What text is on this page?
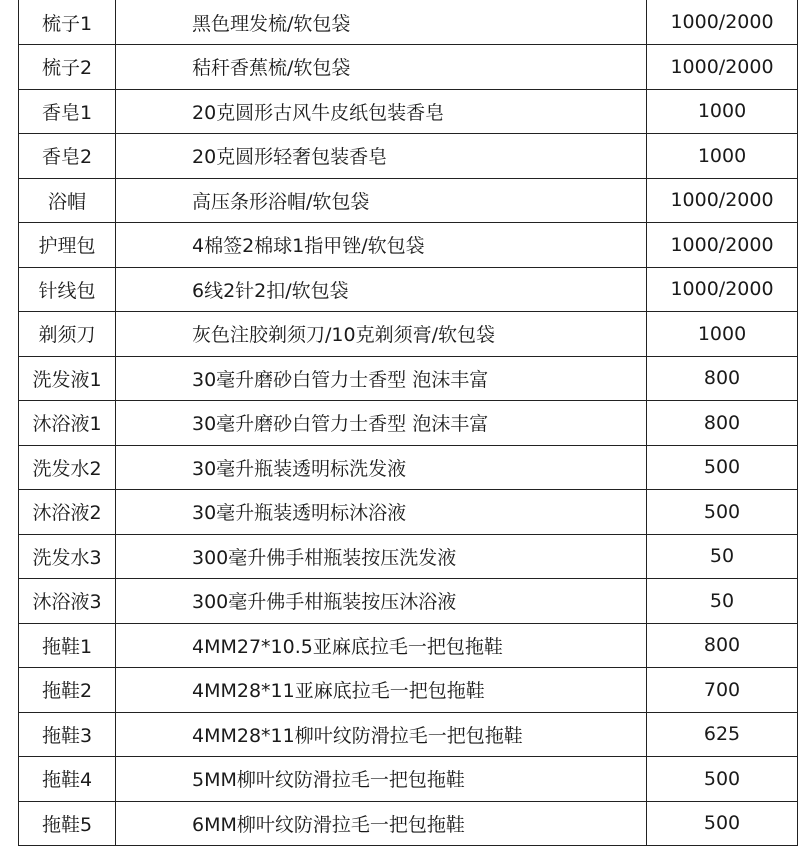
梳子1	黑色理发梳/软包袋	1000/2000
梳子2	秸秆香蕉梳/软包袋	1000/2000
香皂1	20克圆形古风牛皮纸包装香皂	1000
香皂2	20克圆形轻奢包装香皂	1000
浴帽	高压条形浴帽/软包袋	1000/2000
护理包	4棉签2棉球1指甲锉/软包袋	1000/2000
针线包	6线2针2扣/软包袋	1000/2000
剃须刀	灰色注胶剃须刀/10克剃须膏/软包袋	1000
洗发液1	30毫升磨砂白管力士香型 泡沫丰富	800
沐浴液1	30毫升磨砂白管力士香型 泡沫丰富	800
洗发水2	30毫升瓶装透明标洗发液	500
沐浴液2	30毫升瓶装透明标沐浴液	500
洗发水3	300毫升佛手柑瓶装按压洗发液	50
沐浴液3	300毫升佛手柑瓶装按压沐浴液	50
拖鞋1	4MM27*10.5亚麻底拉毛一把包拖鞋	800
拖鞋2	4MM28*11亚麻底拉毛一把包拖鞋	700
拖鞋3	4MM28*11柳叶纹防滑拉毛一把包拖鞋	625
拖鞋4	5MM柳叶纹防滑拉毛一把包拖鞋	500
拖鞋5	6MM柳叶纹防滑拉毛一把包拖鞋	500
